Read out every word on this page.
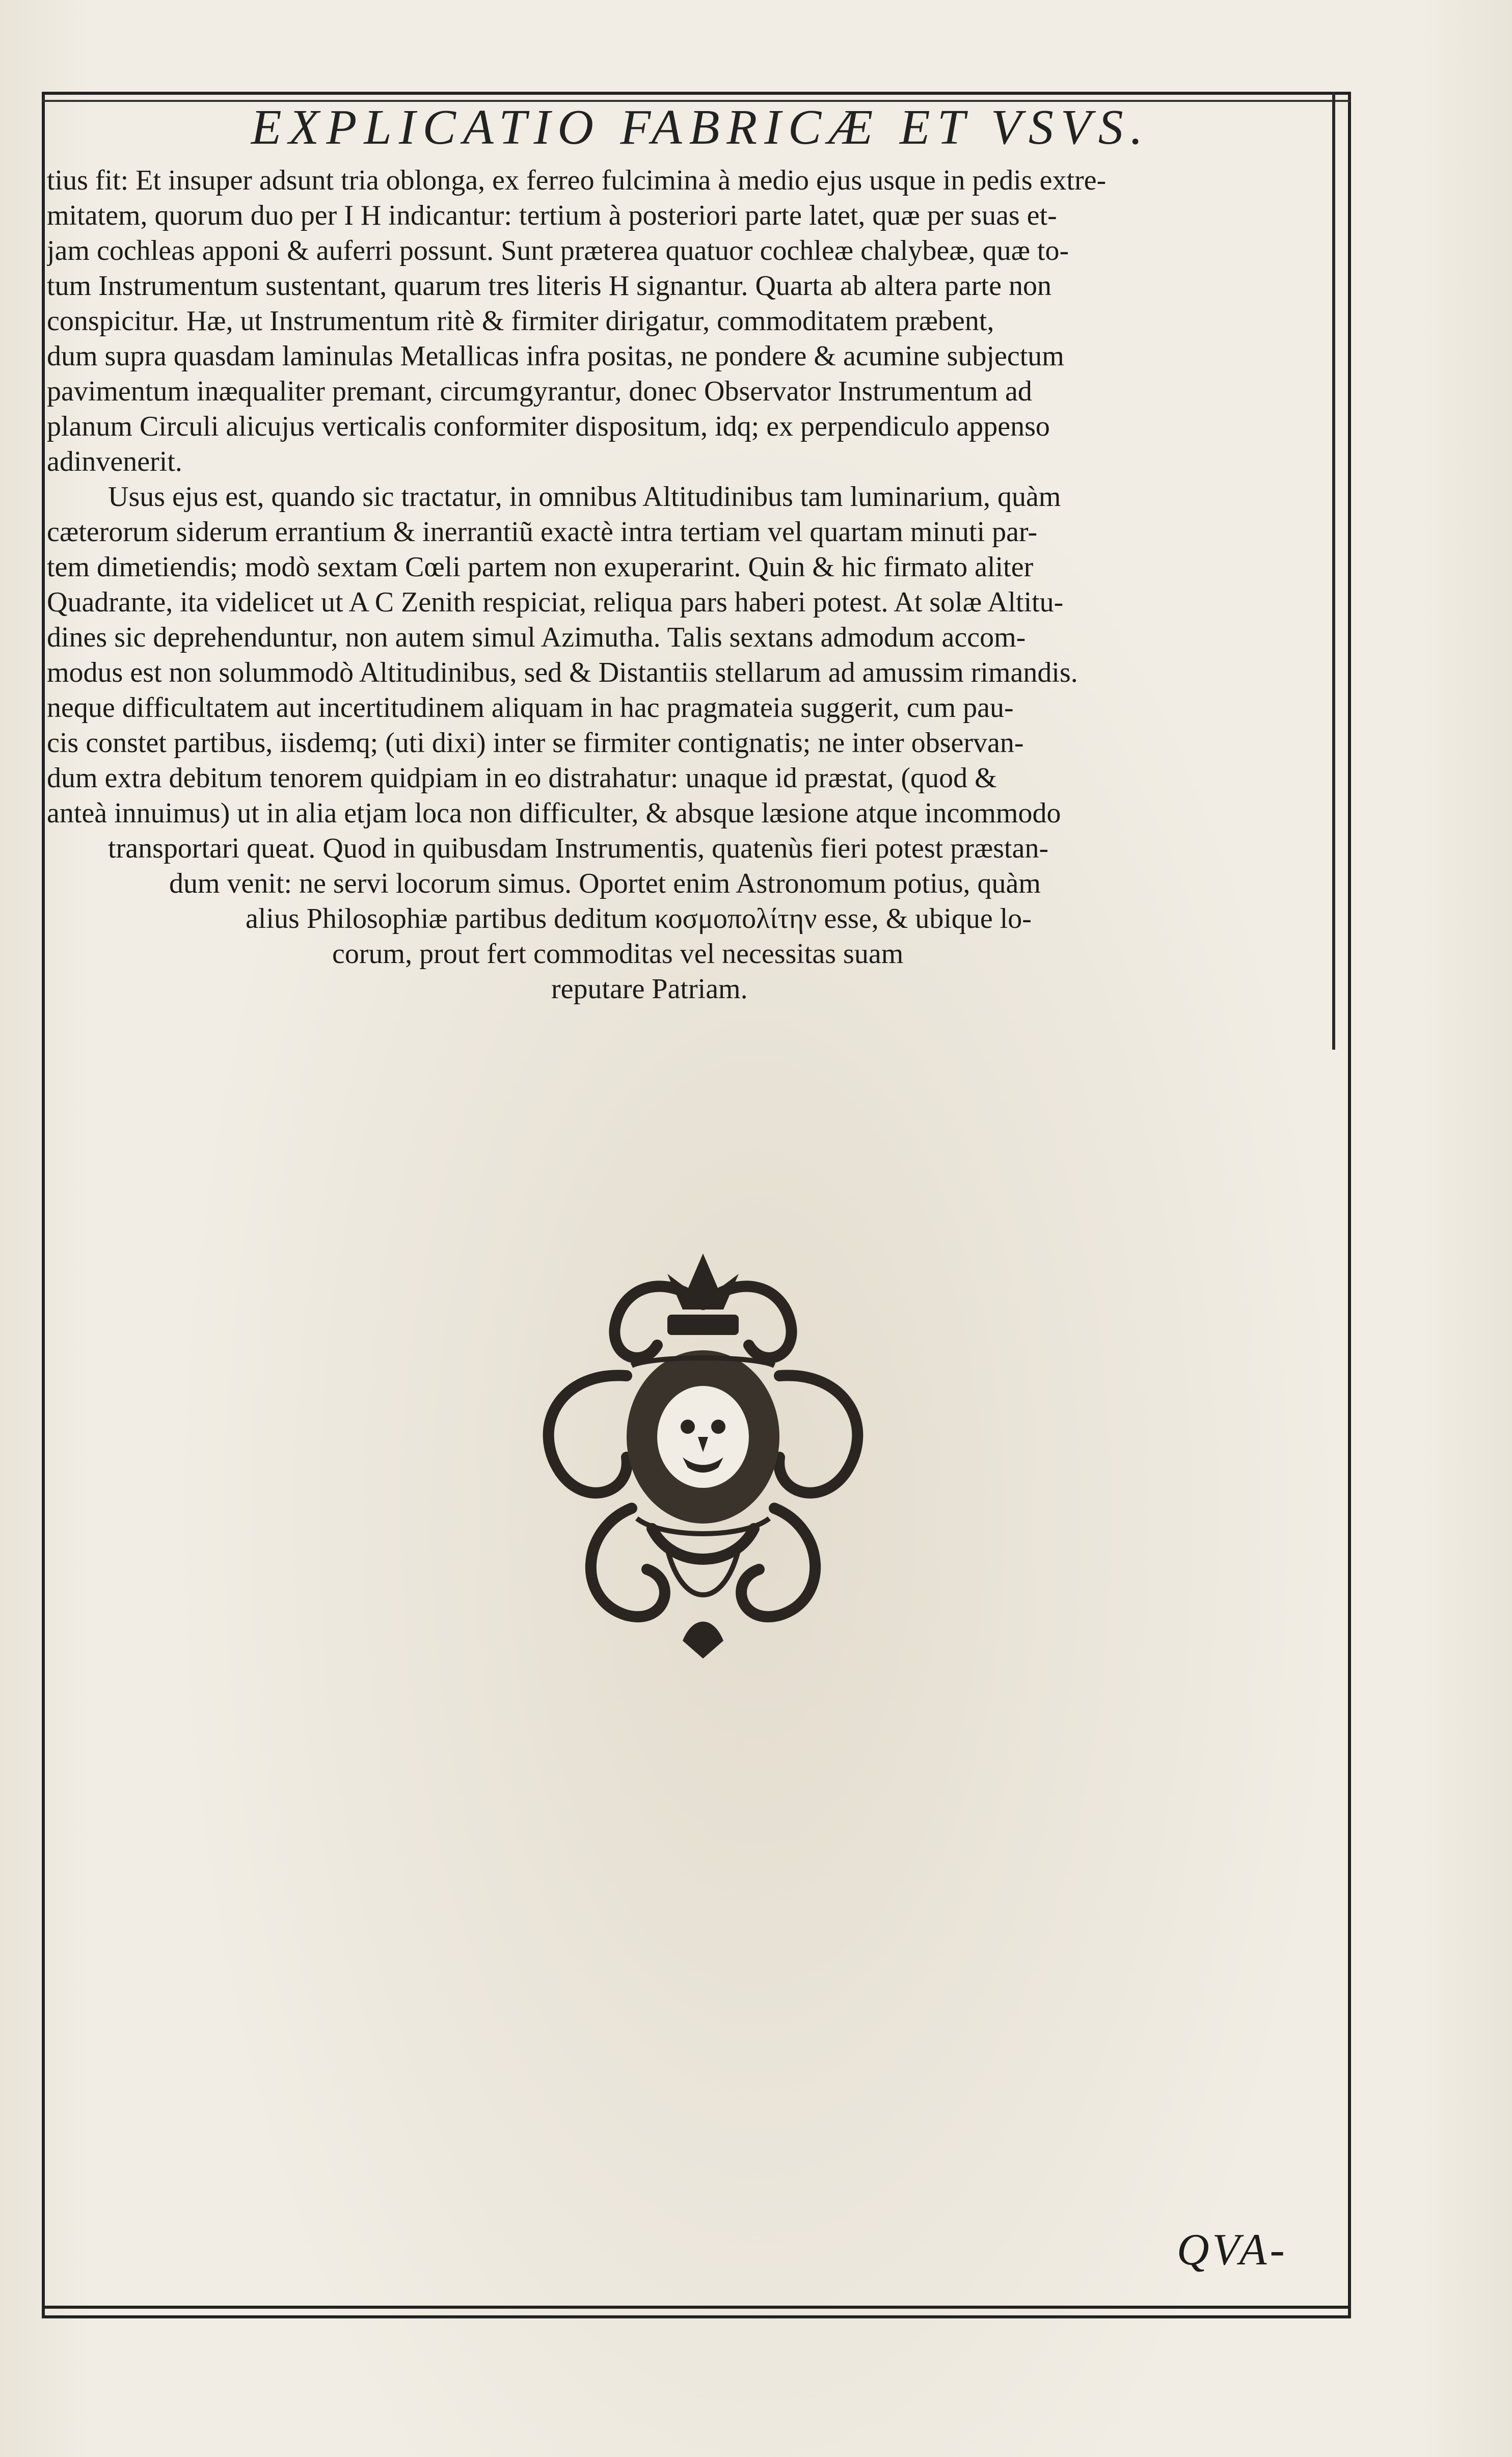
EXPLICATIO FABRICÆ ET VSVS.
tius fit: Et insuper adsunt tria oblonga, ex ferreo fulcimina à medio ejus usque in pedis extre-
mitatem, quorum duo per I H indicantur: tertium à posteriori parte latet, quæ per suas et-
jam cochleas apponi & auferri possunt. Sunt præterea quatuor cochleæ chalybeæ, quæ to-
tum Instrumentum sustentant, quarum tres literis H signantur. Quarta ab altera parte non
conspicitur. Hæ, ut Instrumentum ritè & firmiter dirigatur, commoditatem præbent,
dum supra quasdam laminulas Metallicas infra positas, ne pondere & acumine subjectum
pavimentum inæqualiter premant, circumgyrantur, donec Observator Instrumentum ad
planum Circuli alicujus verticalis conformiter dispositum, idq; ex perpendiculo appenso
adinvenerit.
Usus ejus est, quando sic tractatur, in omnibus Altitudinibus tam luminarium, quàm
cæterorum siderum errantium & inerrantiũ exactè intra tertiam vel quartam minuti par-
tem dimetiendis; modò sextam Cœli partem non exuperarint. Quin & hic firmato aliter
Quadrante, ita videlicet ut A C Zenith respiciat, reliqua pars haberi potest. At solæ Altitu-
dines sic deprehenduntur, non autem simul Azimutha. Talis sextans admodum accom-
modus est non solummodò Altitudinibus, sed & Distantiis stellarum ad amussim rimandis.
neque difficultatem aut incertitudinem aliquam in hac pragmateia suggerit, cum pau-
cis constet partibus, iisdemq; (uti dixi) inter se firmiter contignatis; ne inter observan-
dum extra debitum tenorem quidpiam in eo distrahatur: unaque id præstat, (quod &
anteà innuimus) ut in alia etjam loca non difficulter, & absque læsione atque incommodo
transportari queat. Quod in quibusdam Instrumentis, quatenùs fieri potest præstan-
dum venit: ne servi locorum simus. Oportet enim Astronomum potius, quàm
alius Philosophiæ partibus deditum κοσμοπολίτην esse, & ubique lo-
corum, prout fert commoditas vel necessitas suam
reputare Patriam.
QVA-
